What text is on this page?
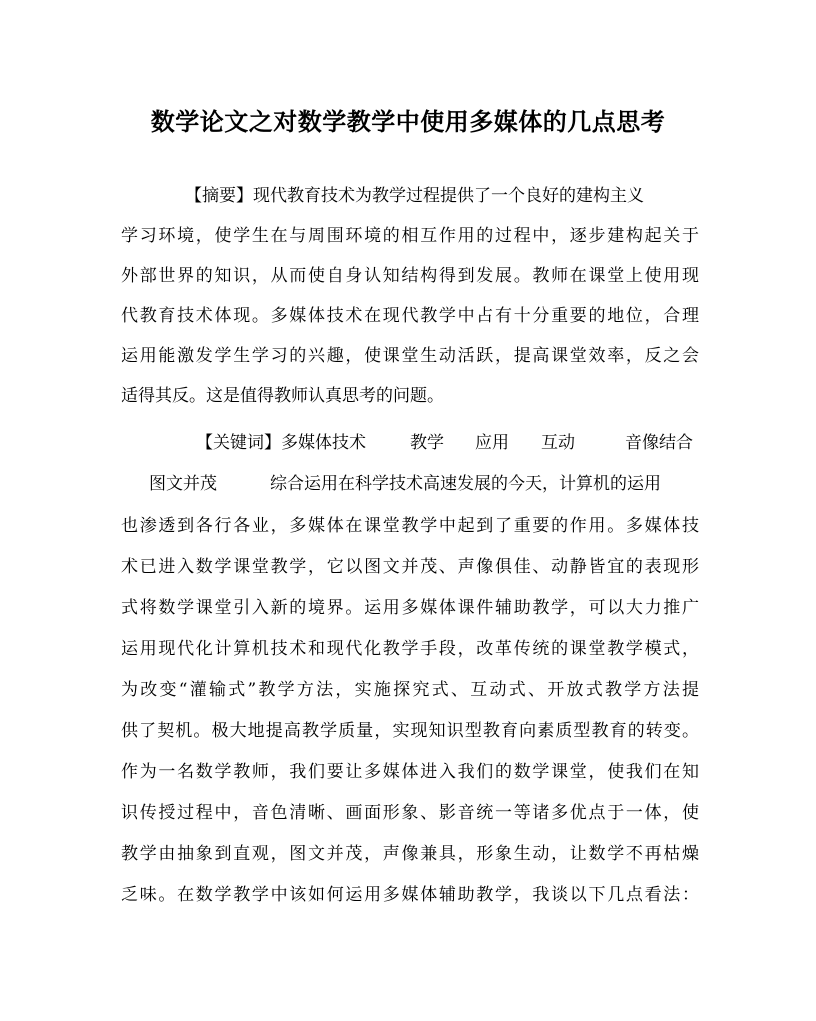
数学论文之对数学教学中使用多媒体的几点思考
【摘要】现代教育技术为教学过程提供了一个良好的建构主义
学习环境，使学生在与周围环境的相互作用的过程中，逐步建构起关于
外部世界的知识，从而使自身认知结构得到发展。教师在课堂上使用现
代教育技术体现。多媒体技术在现代教学中占有十分重要的地位，合理
运用能激发学生学习的兴趣，使课堂生动活跃，提高课堂效率，反之会
适得其反。这是值得教师认真思考的问题。
【关键词】多媒体技术	教学 应用 互动	音像结合
图文并茂	综合运用在科学技术高速发展的今天，计算机的运用
也渗透到各行各业，多媒体在课堂教学中起到了重要的作用。多媒体技
术已进入数学课堂教学，它以图文并茂、声像俱佳、动静皆宜的表现形
式将数学课堂引入新的境界。运用多媒体课件辅助教学，可以大力推广
运用现代化计算机技术和现代化教学手段，改革传统的课堂教学模式，
为改变“灌输式”教学方法，实施探究式、互动式、开放式教学方法提
供了契机。极大地提高教学质量，实现知识型教育向素质型教育的转变。
作为一名数学教师，我们要让多媒体进入我们的数学课堂，使我们在知
识传授过程中，音色清晰、画面形象、影音统一等诸多优点于一体，使
教学由抽象到直观，图文并茂，声像兼具，形象生动，让数学不再枯燥
乏味。在数学教学中该如何运用多媒体辅助教学，我谈以下几点看法：
